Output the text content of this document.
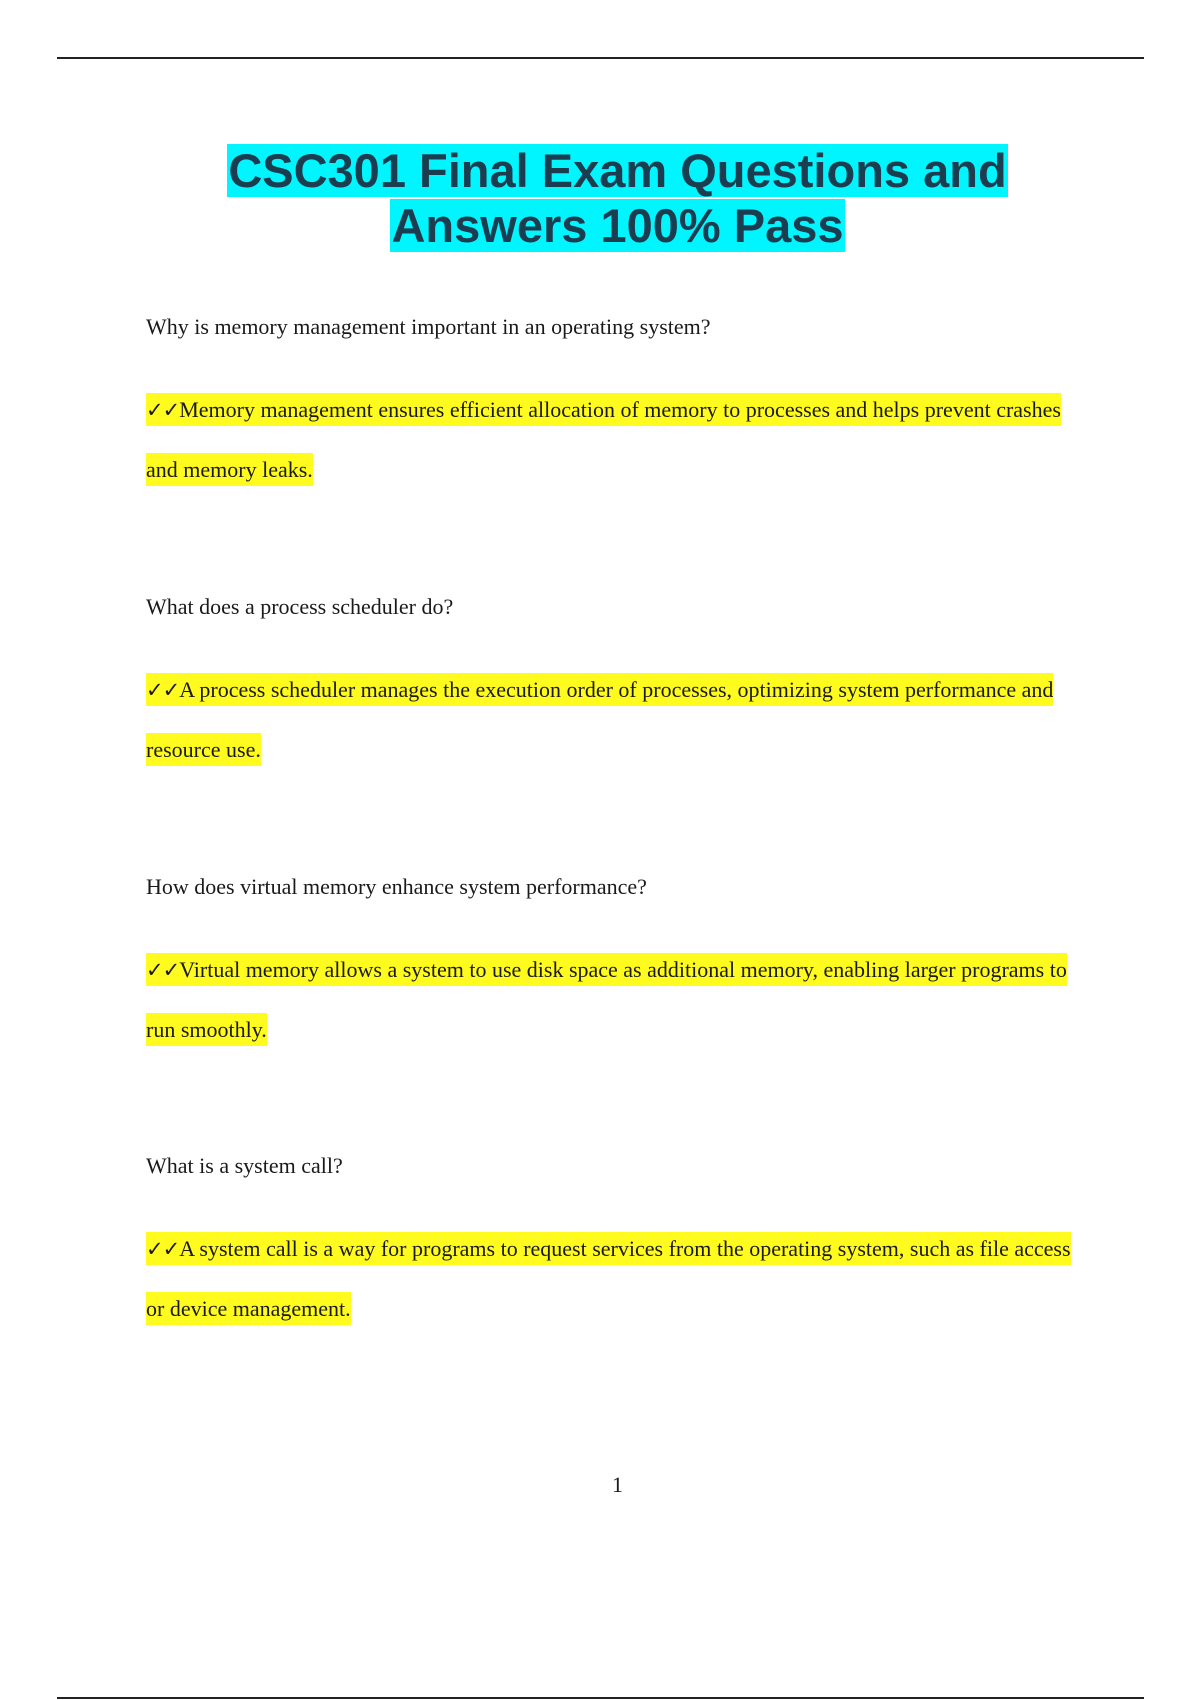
CSC301 Final Exam Questions and
Answers 100% Pass

Why is memory management important in an operating system?

✓✓Memory management ensures efficient allocation of memory to processes and helps prevent crashes and memory leaks.

What does a process scheduler do?

✓✓A process scheduler manages the execution order of processes, optimizing system performance and resource use.

How does virtual memory enhance system performance?

✓✓Virtual memory allows a system to use disk space as additional memory, enabling larger programs to run smoothly.

What is a system call?

✓✓A system call is a way for programs to request services from the operating system, such as file access or device management.

1
